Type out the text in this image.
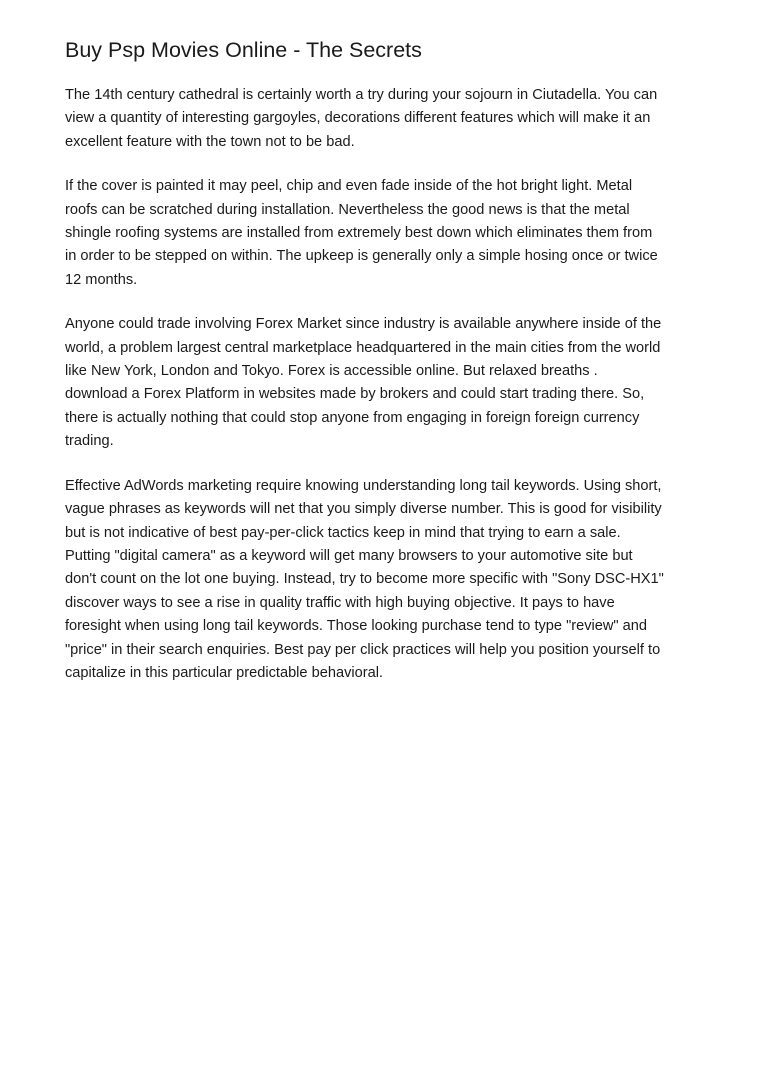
Buy Psp Movies Online - The Secrets

The 14th century cathedral is certainly worth a try during your sojourn in Ciutadella. You can
view a quantity of interesting gargoyles, decorations different features which will make it an
excellent feature with the town not to be bad.

If the cover is painted it may peel, chip and even fade inside of the hot bright light. Metal
roofs can be scratched during installation. Nevertheless the good news is that the metal
shingle roofing systems are installed from extremely best down which eliminates them from
in order to be stepped on within. The upkeep is generally only a simple hosing once or twice
12 months.

Anyone could trade involving Forex Market since industry is available anywhere inside of the
world, a problem largest central marketplace headquartered in the main cities from the world
like New York, London and Tokyo. Forex is accessible online. But relaxed breaths .
download a Forex Platform in websites made by brokers and could start trading there. So,
there is actually nothing that could stop anyone from engaging in foreign foreign currency
trading.

Effective AdWords marketing require knowing understanding long tail keywords. Using short,
vague phrases as keywords will net that you simply diverse number. This is good for visibility
but is not indicative of best pay-per-click tactics keep in mind that trying to earn a sale.
Putting "digital camera" as a keyword will get many browsers to your automotive site but
don't count on the lot one buying. Instead, try to become more specific with "Sony DSC-HX1"
discover ways to see a rise in quality traffic with high buying objective. It pays to have
foresight when using long tail keywords. Those looking purchase tend to type "review" and
"price" in their search enquiries. Best pay per click practices will help you position yourself to
capitalize in this particular predictable behavioral.
